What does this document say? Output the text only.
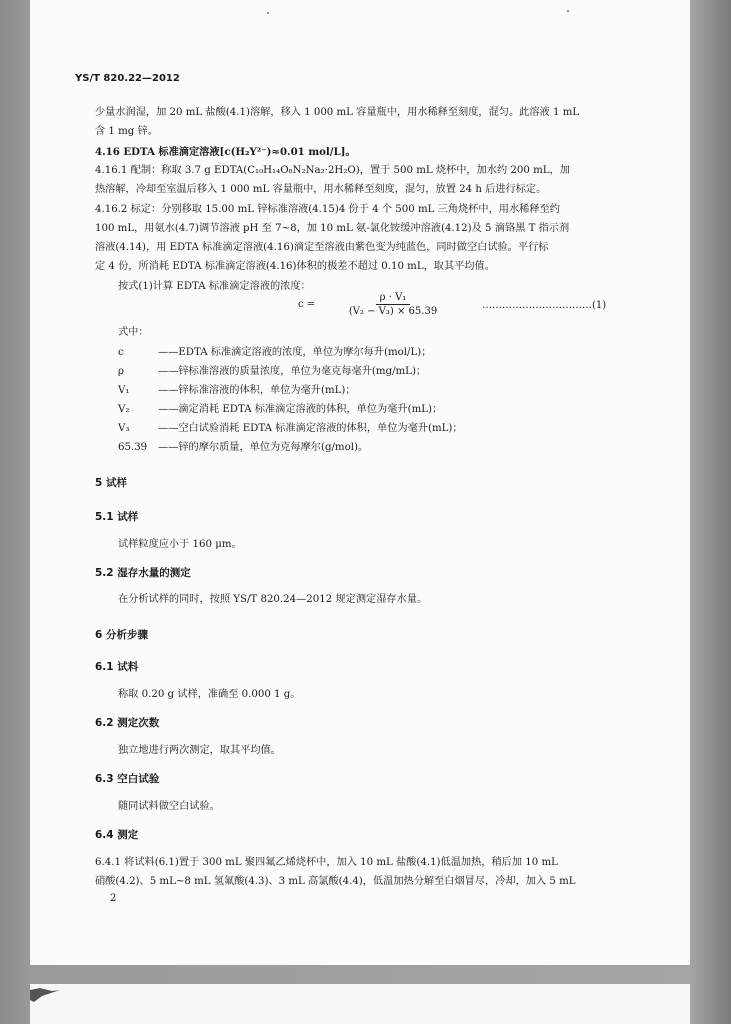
YS/T 820.22—2012
少量水润湿，加 20 mL 盐酸(4.1)溶解，移入 1 000 mL 容量瓶中，用水稀释至刻度，混匀。此溶液 1 mL
含 1 mg 锌。
4.16 EDTA 标准滴定溶液[c(H₂Y²⁻)≈0.01 mol/L]。
4.16.1 配制：称取 3.7 g EDTA(C₁₀H₁₄O₈N₂Na₂·2H₂O)，置于 500 mL 烧杯中，加水约 200 mL，加
热溶解，冷却至室温后移入 1 000 mL 容量瓶中，用水稀释至刻度，混匀，放置 24 h 后进行标定。
4.16.2 标定：分别移取 15.00 mL 锌标准溶液(4.15)4 份于 4 个 500 mL 三角烧杯中，用水稀释至约
100 mL，用氨水(4.7)调节溶液 pH 至 7~8，加 10 mL 氨-氯化铵缓冲溶液(4.12)及 5 滴铬黑 T 指示剂
溶液(4.14)，用 EDTA 标准滴定溶液(4.16)滴定至溶液由紫色变为纯蓝色，同时做空白试验。平行标
定 4 份，所消耗 EDTA 标准滴定溶液(4.16)体积的极差不超过 0.10 mL，取其平均值。
按式(1)计算 EDTA 标准滴定溶液的浓度：
$c = \frac{\text{ρ · V₁}}{\text{(V₂ − V₃) × 65.39}}$	……………………………(1)
式中：
c	——EDTA 标准滴定溶液的浓度，单位为摩尔每升(mol/L)；
ρ	——锌标准溶液的质量浓度，单位为毫克每毫升(mg/mL)；
V₁	——锌标准溶液的体积，单位为毫升(mL)；
V₂	——滴定消耗 EDTA 标准滴定溶液的体积，单位为毫升(mL)；
V₃	——空白试验消耗 EDTA 标准滴定溶液的体积，单位为毫升(mL)；
65.39 ——锌的摩尔质量，单位为克每摩尔(g/mol)。
5 试样
5.1 试样
试样粒度应小于 160 μm。
5.2 湿存水量的测定
在分析试样的同时，按照 YS/T 820.24—2012 规定测定湿存水量。
6 分析步骤
6.1 试料
称取 0.20 g 试样，准确至 0.000 1 g。
6.2 测定次数
独立地进行两次测定，取其平均值。
6.3 空白试验
随同试料做空白试验。
6.4 测定
6.4.1 将试料(6.1)置于 300 mL 聚四氟乙烯烧杯中，加入 10 mL 盐酸(4.1)低温加热，稍后加 10 mL
硝酸(4.2)、5 mL~8 mL 氢氟酸(4.3)、3 mL 高氯酸(4.4)，低温加热分解至白烟冒尽，冷却，加入 5 mL
2
